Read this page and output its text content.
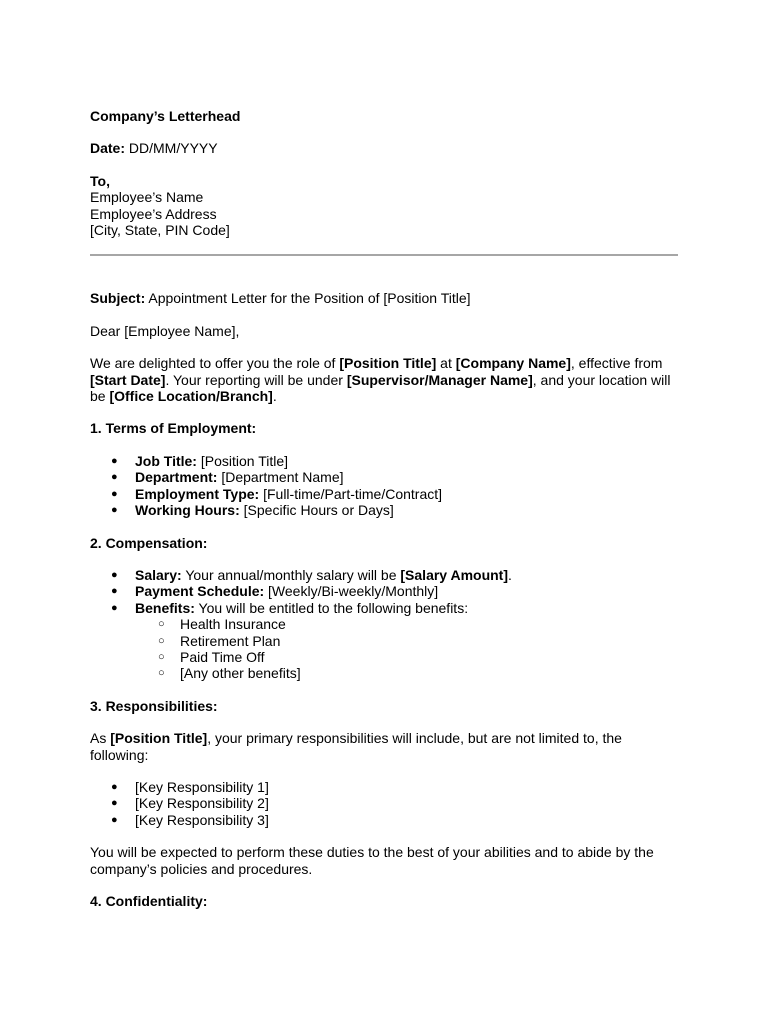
Company’s Letterhead

Date: DD/MM/YYYY

To,

Employee’s Name

Employee’s Address

[City, State, PIN Code]

Subject: Appointment Letter for the Position of [Position Title]

Dear [Employee Name],

We are delighted to offer you the role of [Position Title] at [Company Name], effective from
[Start Date]. Your reporting will be under [Supervisor/Manager Name], and your location will be [Office Location/Branch].

1. Terms of Employment:

● Job Title: [Position Title]
● Department: [Department Name]
● Employment Type: [Full-time/Part-time/Contract]
● Working Hours: [Specific Hours or Days]

2. Compensation:

● Salary: Your annual/monthly salary will be [Salary Amount].
● Payment Schedule: [Weekly/Bi-weekly/Monthly]
● Benefits: You will be entitled to the following benefits:
○ Health Insurance
○ Retirement Plan
○ Paid Time Off
○ [Any other benefits]

3. Responsibilities:

As [Position Title], your primary responsibilities will include, but are not limited to, the following:

● [Key Responsibility 1]
● [Key Responsibility 2]
● [Key Responsibility 3]

You will be expected to perform these duties to the best of your abilities and to abide by the company’s policies and procedures.

4. Confidentiality:
